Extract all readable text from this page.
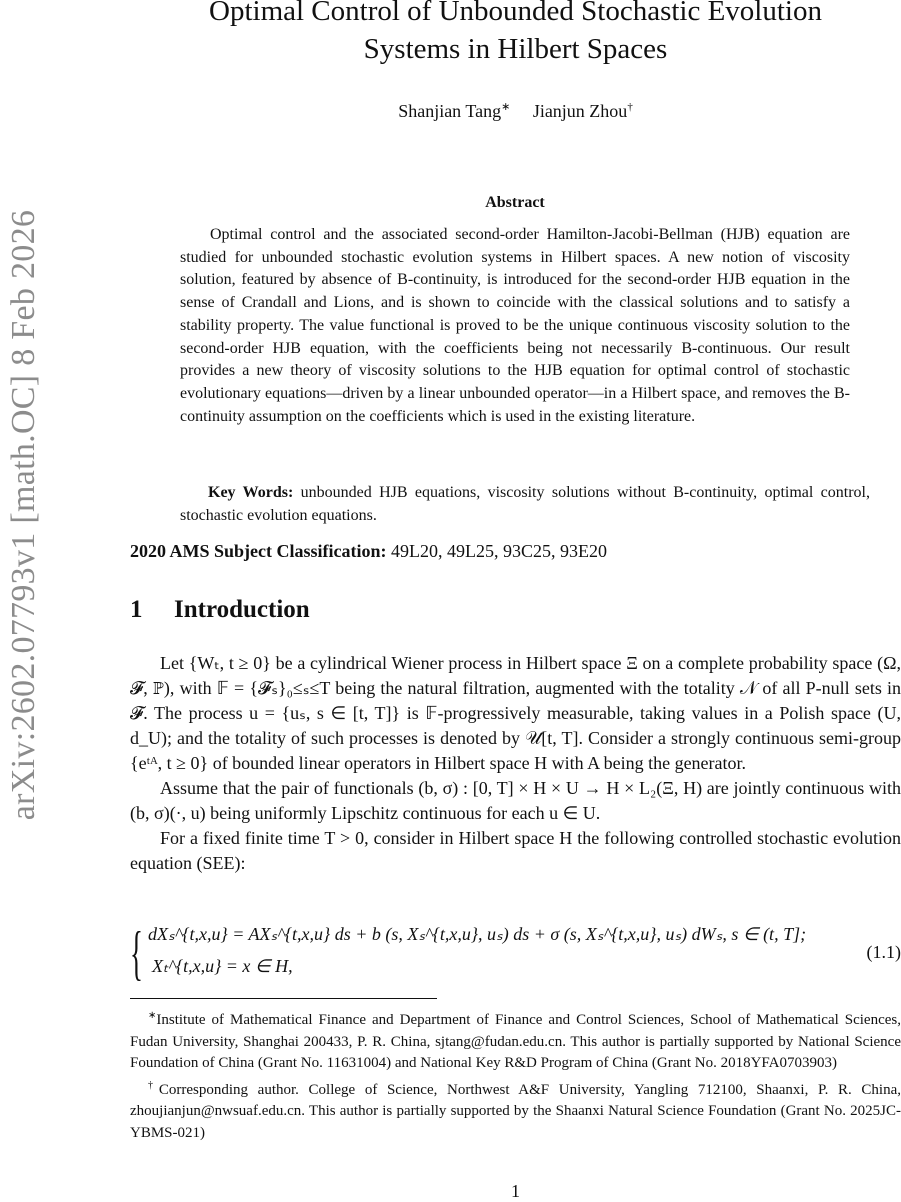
arXiv:2602.07793v1 [math.OC] 8 Feb 2026
Optimal Control of Unbounded Stochastic Evolution
Systems in Hilbert Spaces
Shanjian Tang∗ Jianjun Zhou†
Abstract
Optimal control and the associated second-order Hamilton-Jacobi-Bellman (HJB) equation are studied for unbounded stochastic evolution systems in Hilbert spaces. A new notion of viscosity solution, featured by absence of B-continuity, is introduced for the second-order HJB equation in the sense of Crandall and Lions, and is shown to coincide with the classical solutions and to satisfy a stability property. The value functional is proved to be the unique continuous viscosity solution to the second-order HJB equation, with the coefficients being not necessarily B-continuous. Our result provides a new theory of viscosity solutions to the HJB equation for optimal control of stochastic evolutionary equations—driven by a linear unbounded operator—in a Hilbert space, and removes the B-continuity assumption on the coefficients which is used in the existing literature.
Key Words: unbounded HJB equations, viscosity solutions without B-continuity, optimal control, stochastic evolution equations.
2020 AMS Subject Classification: 49L20, 49L25, 93C25, 93E20
1 Introduction

Let {Wₜ, t ≥ 0} be a cylindrical Wiener process in Hilbert space Ξ on a complete probability space (Ω, 𝓕, ℙ), with 𝔽 = {𝓕ₛ}₀≤ₛ≤T being the natural filtration, augmented with the totality 𝒩 of all P-null sets in 𝓕. The process u = {uₛ, s ∈ [t, T]} is 𝔽-progressively measurable, taking values in a Polish space (U, d_U); and the totality of such processes is denoted by 𝒰[t, T]. Consider a strongly continuous semi-group {eᵗᴬ, t ≥ 0} of bounded linear operators in Hilbert space H with A being the generator.

Assume that the pair of functionals (b, σ) : [0, T] × H × U → H × L₂(Ξ, H) are jointly continuous with (b, σ)(·, u) being uniformly Lipschitz continuous for each u ∈ U.

For a fixed finite time T > 0, consider in Hilbert space H the following controlled stochastic evolution equation (SEE):

{ dXₛ^{t,x,u} = AXₛ^{t,x,u} ds + b (s, Xₛ^{t,x,u}, uₛ) ds + σ (s, Xₛ^{t,x,u}, uₛ) dWₛ, s ∈ (t, T];
Xₜ^{t,x,u} = x ∈ H,
(1.1)

∗Institute of Mathematical Finance and Department of Finance and Control Sciences, School of Mathematical Sciences, Fudan University, Shanghai 200433, P. R. China, sjtang@fudan.edu.cn. This author is partially supported by National Science Foundation of China (Grant No. 11631004) and National Key R&D Program of China (Grant No. 2018YFA0703903)

†Corresponding author. College of Science, Northwest A&F University, Yangling 712100, Shaanxi, P. R. China, zhoujianjun@nwsuaf.edu.cn. This author is partially supported by the Shaanxi Natural Science Foundation (Grant No. 2025JC-YBMS-021)

1
